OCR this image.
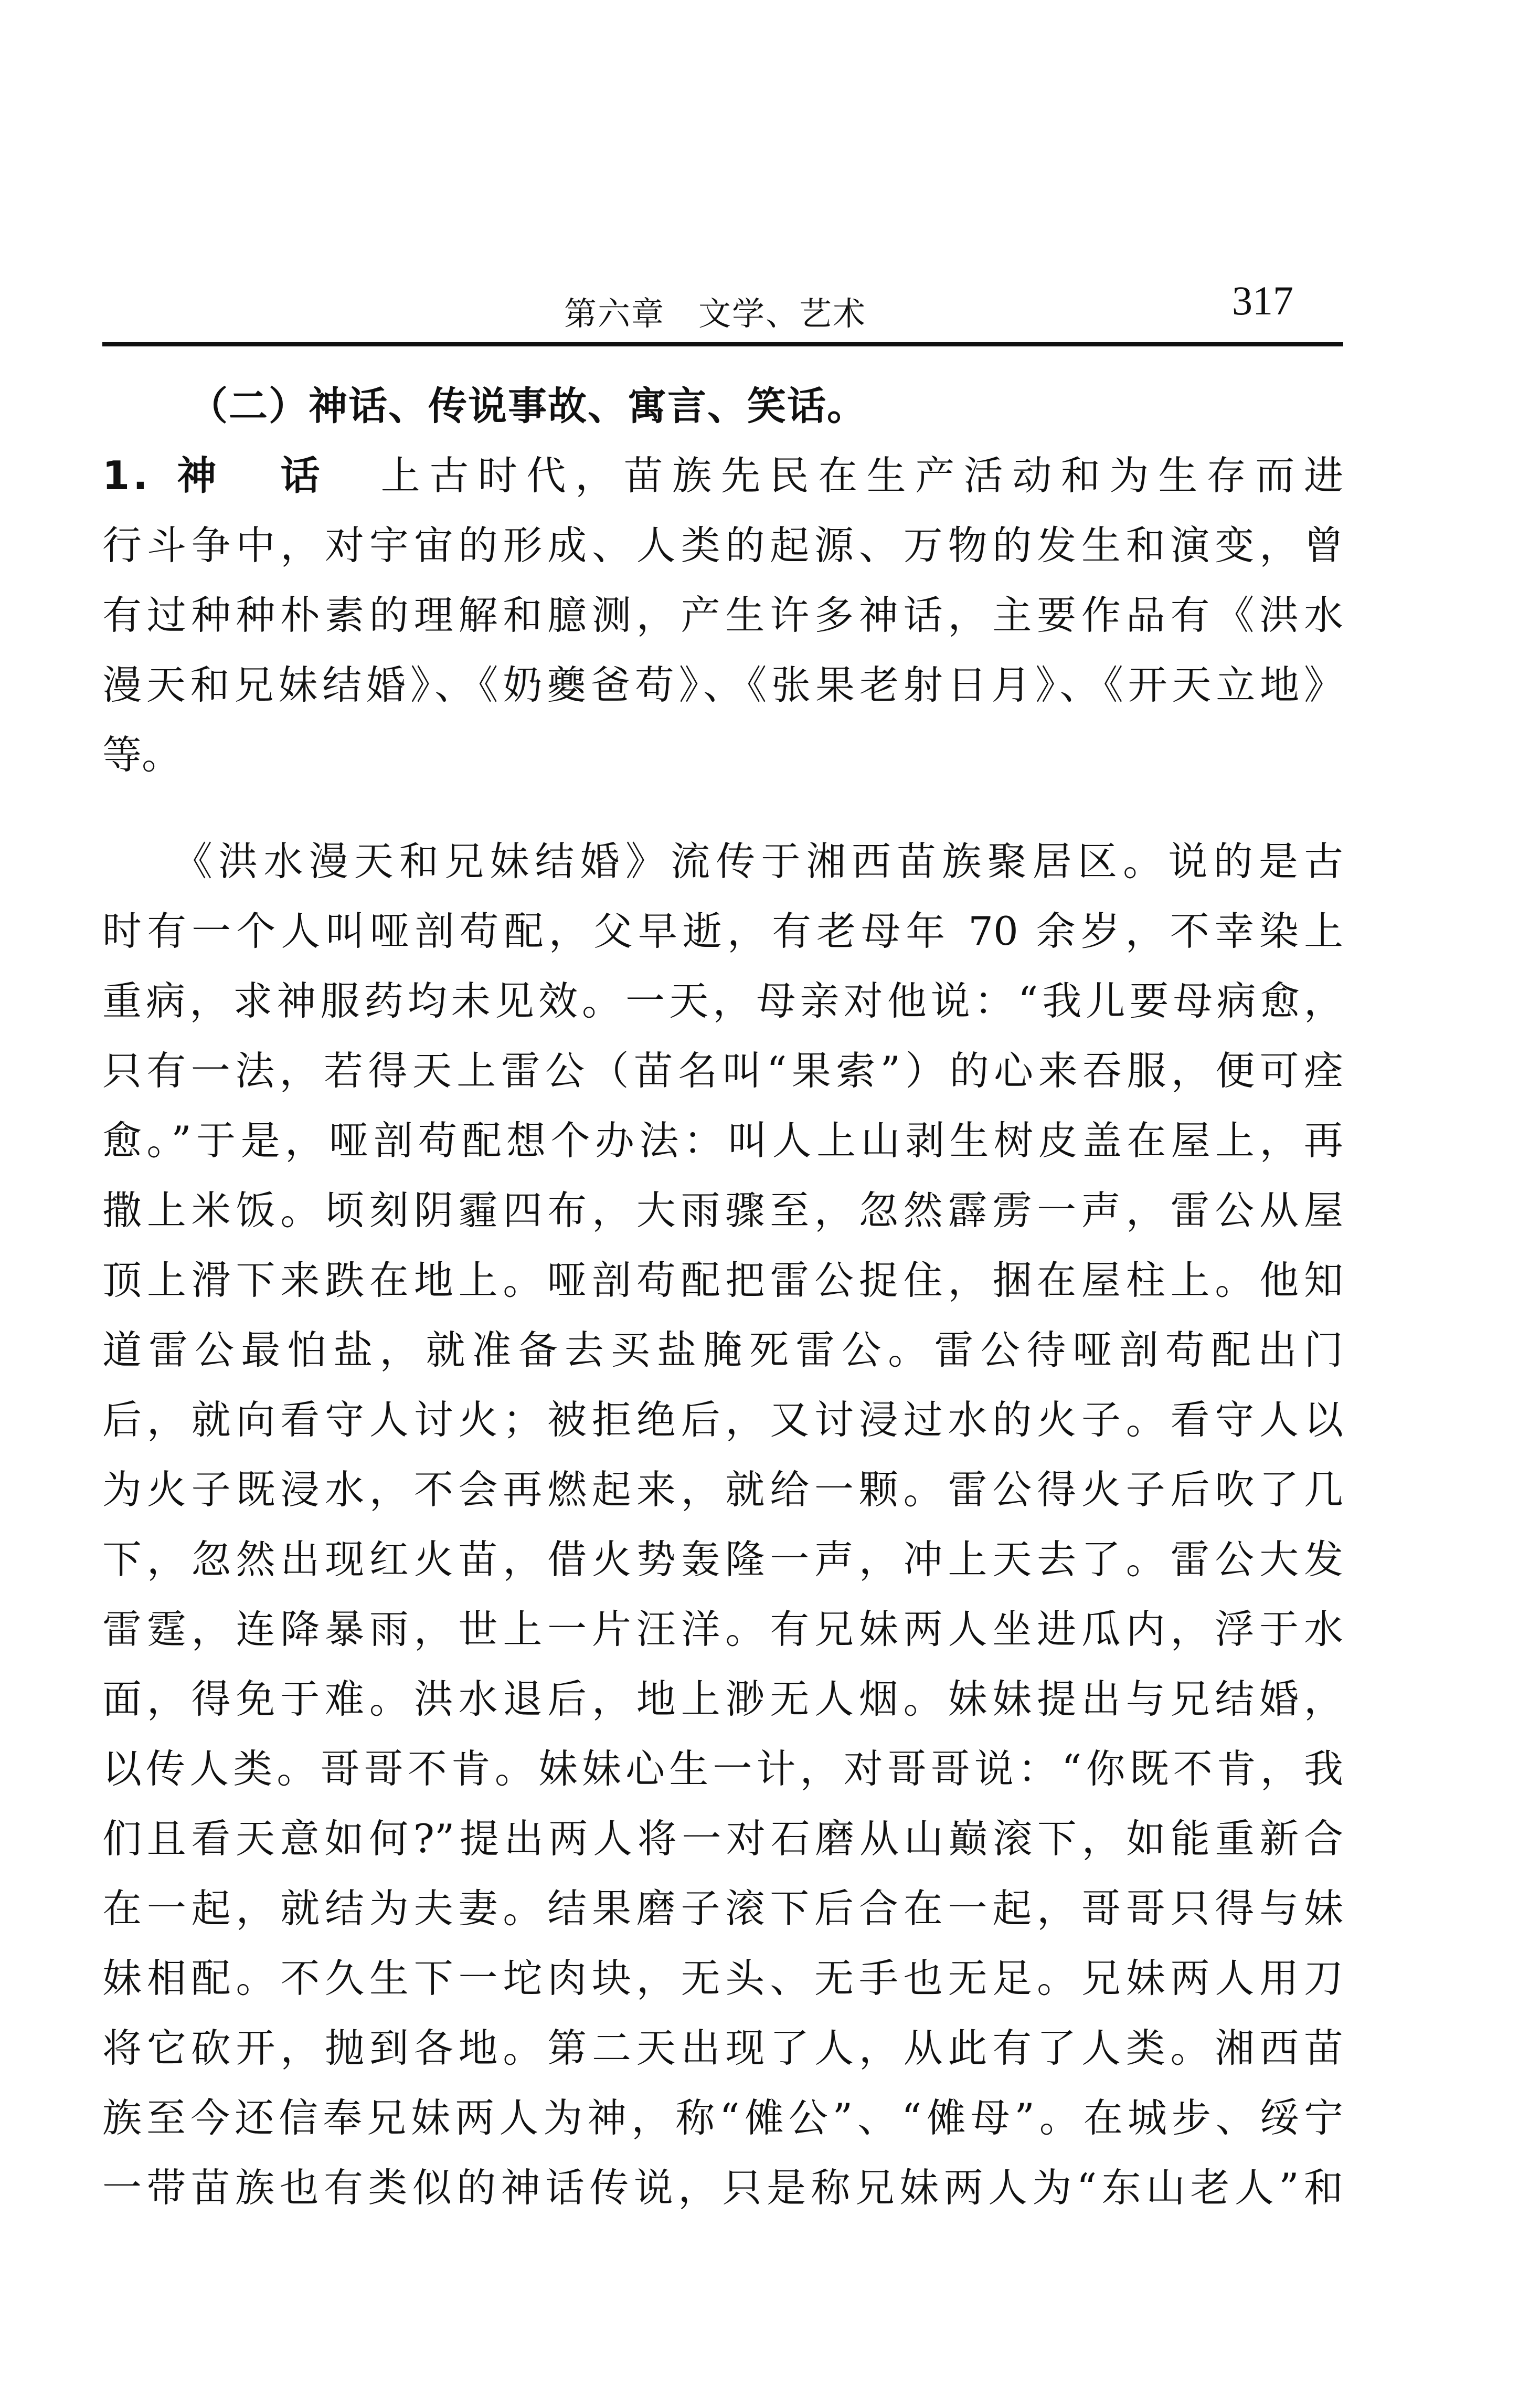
第六章　文学、艺术	317
（二）神话、传说事故、寓言、笑话。
1. 神　话　上古时代，苗族先民在生产活动和为生存而进
行斗争中，对宇宙的形成、人类的起源、万物的发生和演变，曾
有过种种朴素的理解和臆测，产生许多神话，主要作品有《洪水
漫天和兄妹结婚》、《奶夔爸苟》、《张果老射日月》、《开天立地》
等。
　　《洪水漫天和兄妹结婚》流传于湘西苗族聚居区。说的是古
时有一个人叫哑剖苟配，父早逝，有老母年 70 余岁，不幸染上
重病，求神服药均未见效。一天，母亲对他说：“我儿要母病愈，
只有一法，若得天上雷公（苗名叫“果索”）的心来吞服，便可痊
愈。”于是，哑剖苟配想个办法：叫人上山剥生树皮盖在屋上，再
撒上米饭。顷刻阴霾四布，大雨骤至，忽然霹雳一声，雷公从屋
顶上滑下来跌在地上。哑剖苟配把雷公捉住，捆在屋柱上。他知
道雷公最怕盐，就准备去买盐腌死雷公。雷公待哑剖苟配出门
后，就向看守人讨火；被拒绝后，又讨浸过水的火子。看守人以
为火子既浸水，不会再燃起来，就给一颗。雷公得火子后吹了几
下，忽然出现红火苗，借火势轰隆一声，冲上天去了。雷公大发
雷霆，连降暴雨，世上一片汪洋。有兄妹两人坐进瓜内，浮于水
面，得免于难。洪水退后，地上渺无人烟。妹妹提出与兄结婚，
以传人类。哥哥不肯。妹妹心生一计，对哥哥说：“你既不肯，我
们且看天意如何?”提出两人将一对石磨从山巅滚下，如能重新合
在一起，就结为夫妻。结果磨子滚下后合在一起，哥哥只得与妹
妹相配。不久生下一坨肉块，无头、无手也无足。兄妹两人用刀
将它砍开，抛到各地。第二天出现了人，从此有了人类。湘西苗
族至今还信奉兄妹两人为神，称“傩公”、“傩母”。在城步、绥宁
一带苗族也有类似的神话传说，只是称兄妹两人为“东山老人”和
